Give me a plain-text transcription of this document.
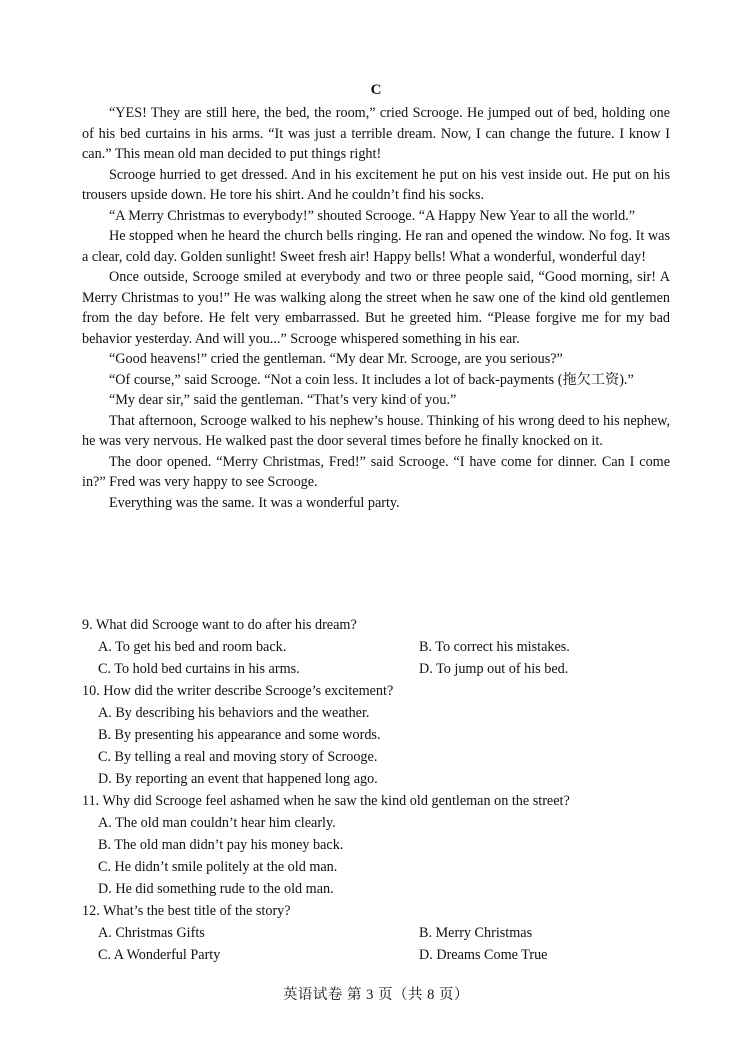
C

“YES! They are still here, the bed, the room,” cried Scrooge. He jumped out of bed, holding one of his bed curtains in his arms. “It was just a terrible dream. Now, I can change the future. I know I can.” This mean old man decided to put things right!

Scrooge hurried to get dressed. And in his excitement he put on his vest inside out. He put on his trousers upside down. He tore his shirt. And he couldn’t find his socks.

“A Merry Christmas to everybody!” shouted Scrooge. “A Happy New Year to all the world.”

He stopped when he heard the church bells ringing. He ran and opened the window. No fog. It was a clear, cold day. Golden sunlight! Sweet fresh air! Happy bells! What a wonderful, wonderful day!

Once outside, Scrooge smiled at everybody and two or three people said, “Good morning, sir! A Merry Christmas to you!” He was walking along the street when he saw one of the kind old gentlemen from the day before. He felt very embarrassed. But he greeted him. “Please forgive me for my bad behavior yesterday. And will you...” Scrooge whispered something in his ear.

“Good heavens!” cried the gentleman. “My dear Mr. Scrooge, are you serious?”

“Of course,” said Scrooge. “Not a coin less. It includes a lot of back-payments (拖欠工资).”

“My dear sir,” said the gentleman. “That’s very kind of you.”

That afternoon, Scrooge walked to his nephew’s house. Thinking of his wrong deed to his nephew, he was very nervous. He walked past the door several times before he finally knocked on it.

The door opened. “Merry Christmas, Fred!” said Scrooge. “I have come for dinner. Can I come in?” Fred was very happy to see Scrooge.

Everything was the same. It was a wonderful party.

9. What did Scrooge want to do after his dream?
A. To get his bed and room back.	B. To correct his mistakes.
C. To hold bed curtains in his arms.	D. To jump out of his bed.
10. How did the writer describe Scrooge’s excitement?
A. By describing his behaviors and the weather.
B. By presenting his appearance and some words.
C. By telling a real and moving story of Scrooge.
D. By reporting an event that happened long ago.
11. Why did Scrooge feel ashamed when he saw the kind old gentleman on the street?
A. The old man couldn’t hear him clearly.
B. The old man didn’t pay his money back.
C. He didn’t smile politely at the old man.
D. He did something rude to the old man.
12. What’s the best title of the story?
A. Christmas Gifts	B. Merry Christmas
C. A Wonderful Party	D. Dreams Come True
英语试卷 第 3 页（共 8 页）
